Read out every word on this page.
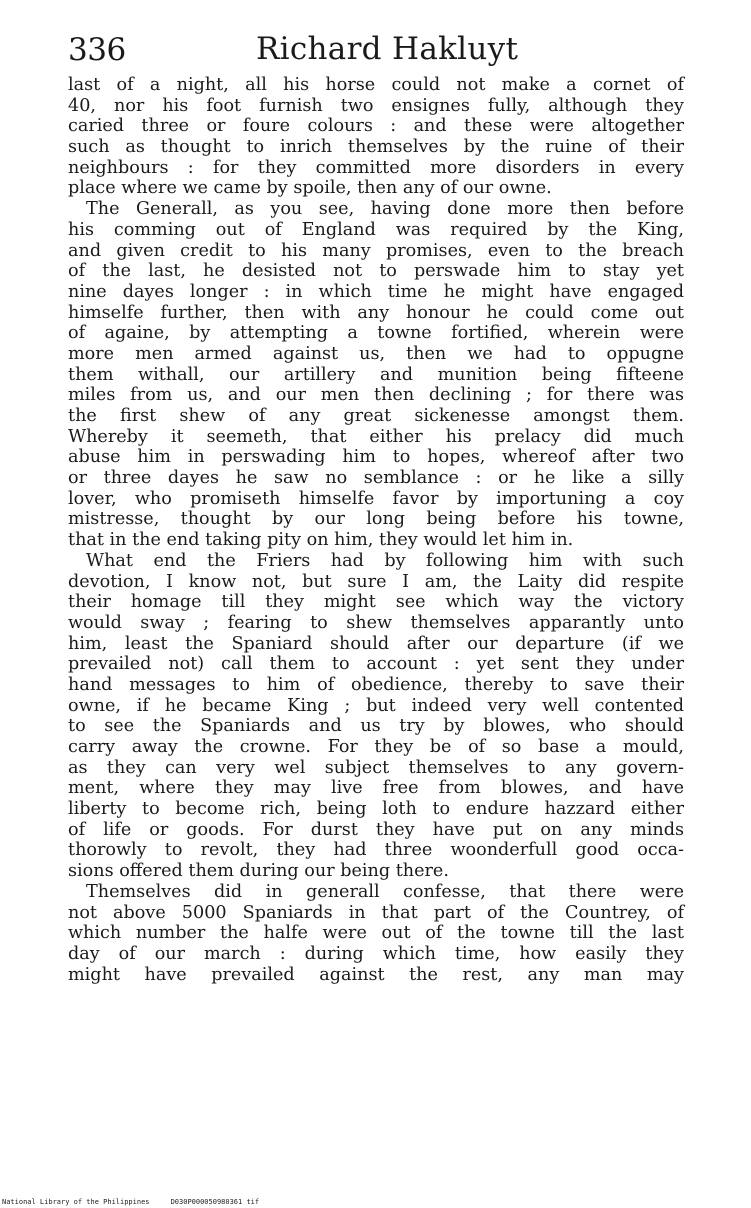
336	Richard Hakluyt
last of a night, all his horse could not make a cornet of
40, nor his foot furnish two ensignes fully, although they
caried three or foure colours : and these were altogether
such as thought to inrich themselves by the ruine of their
neighbours : for they committed more disorders in every
place where we came by spoile, then any of our owne.
The Generall, as you see, having done more then before
his comming out of England was required by the King,
and given credit to his many promises, even to the breach
of the last, he desisted not to perswade him to stay yet
nine dayes longer : in which time he might have engaged
himselfe further, then with any honour he could come out
of againe, by attempting a towne fortified, wherein were
more men armed against us, then we had to oppugne
them withall, our artillery and munition being fifteene
miles from us, and our men then declining ; for there was
the first shew of any great sickenesse amongst them.
Whereby it seemeth, that either his prelacy did much
abuse him in perswading him to hopes, whereof after two
or three dayes he saw no semblance : or he like a silly
lover, who promiseth himselfe favor by importuning a coy
mistresse, thought by our long being before his towne,
that in the end taking pity on him, they would let him in.
What end the Friers had by following him with such
devotion, I know not, but sure I am, the Laity did respite
their homage till they might see which way the victory
would sway ; fearing to shew themselves apparantly unto
him, least the Spaniard should after our departure (if we
prevailed not) call them to account : yet sent they under
hand messages to him of obedience, thereby to save their
owne, if he became King ; but indeed very well contented
to see the Spaniards and us try by blowes, who should
carry away the crowne. For they be of so base a mould,
as they can very wel subject themselves to any govern-
ment, where they may live free from blowes, and have
liberty to become rich, being loth to endure hazzard either
of life or goods. For durst they have put on any minds
thorowly to revolt, they had three woonderfull good occa-
sions offered them during our being there.
Themselves did in generall confesse, that there were
not above 5000 Spaniards in that part of the Countrey, of
which number the halfe were out of the towne till the last
day of our march : during which time, how easily they
might have prevailed against the rest, any man may
National Library of the Philippines	D030P000050980361 tif
